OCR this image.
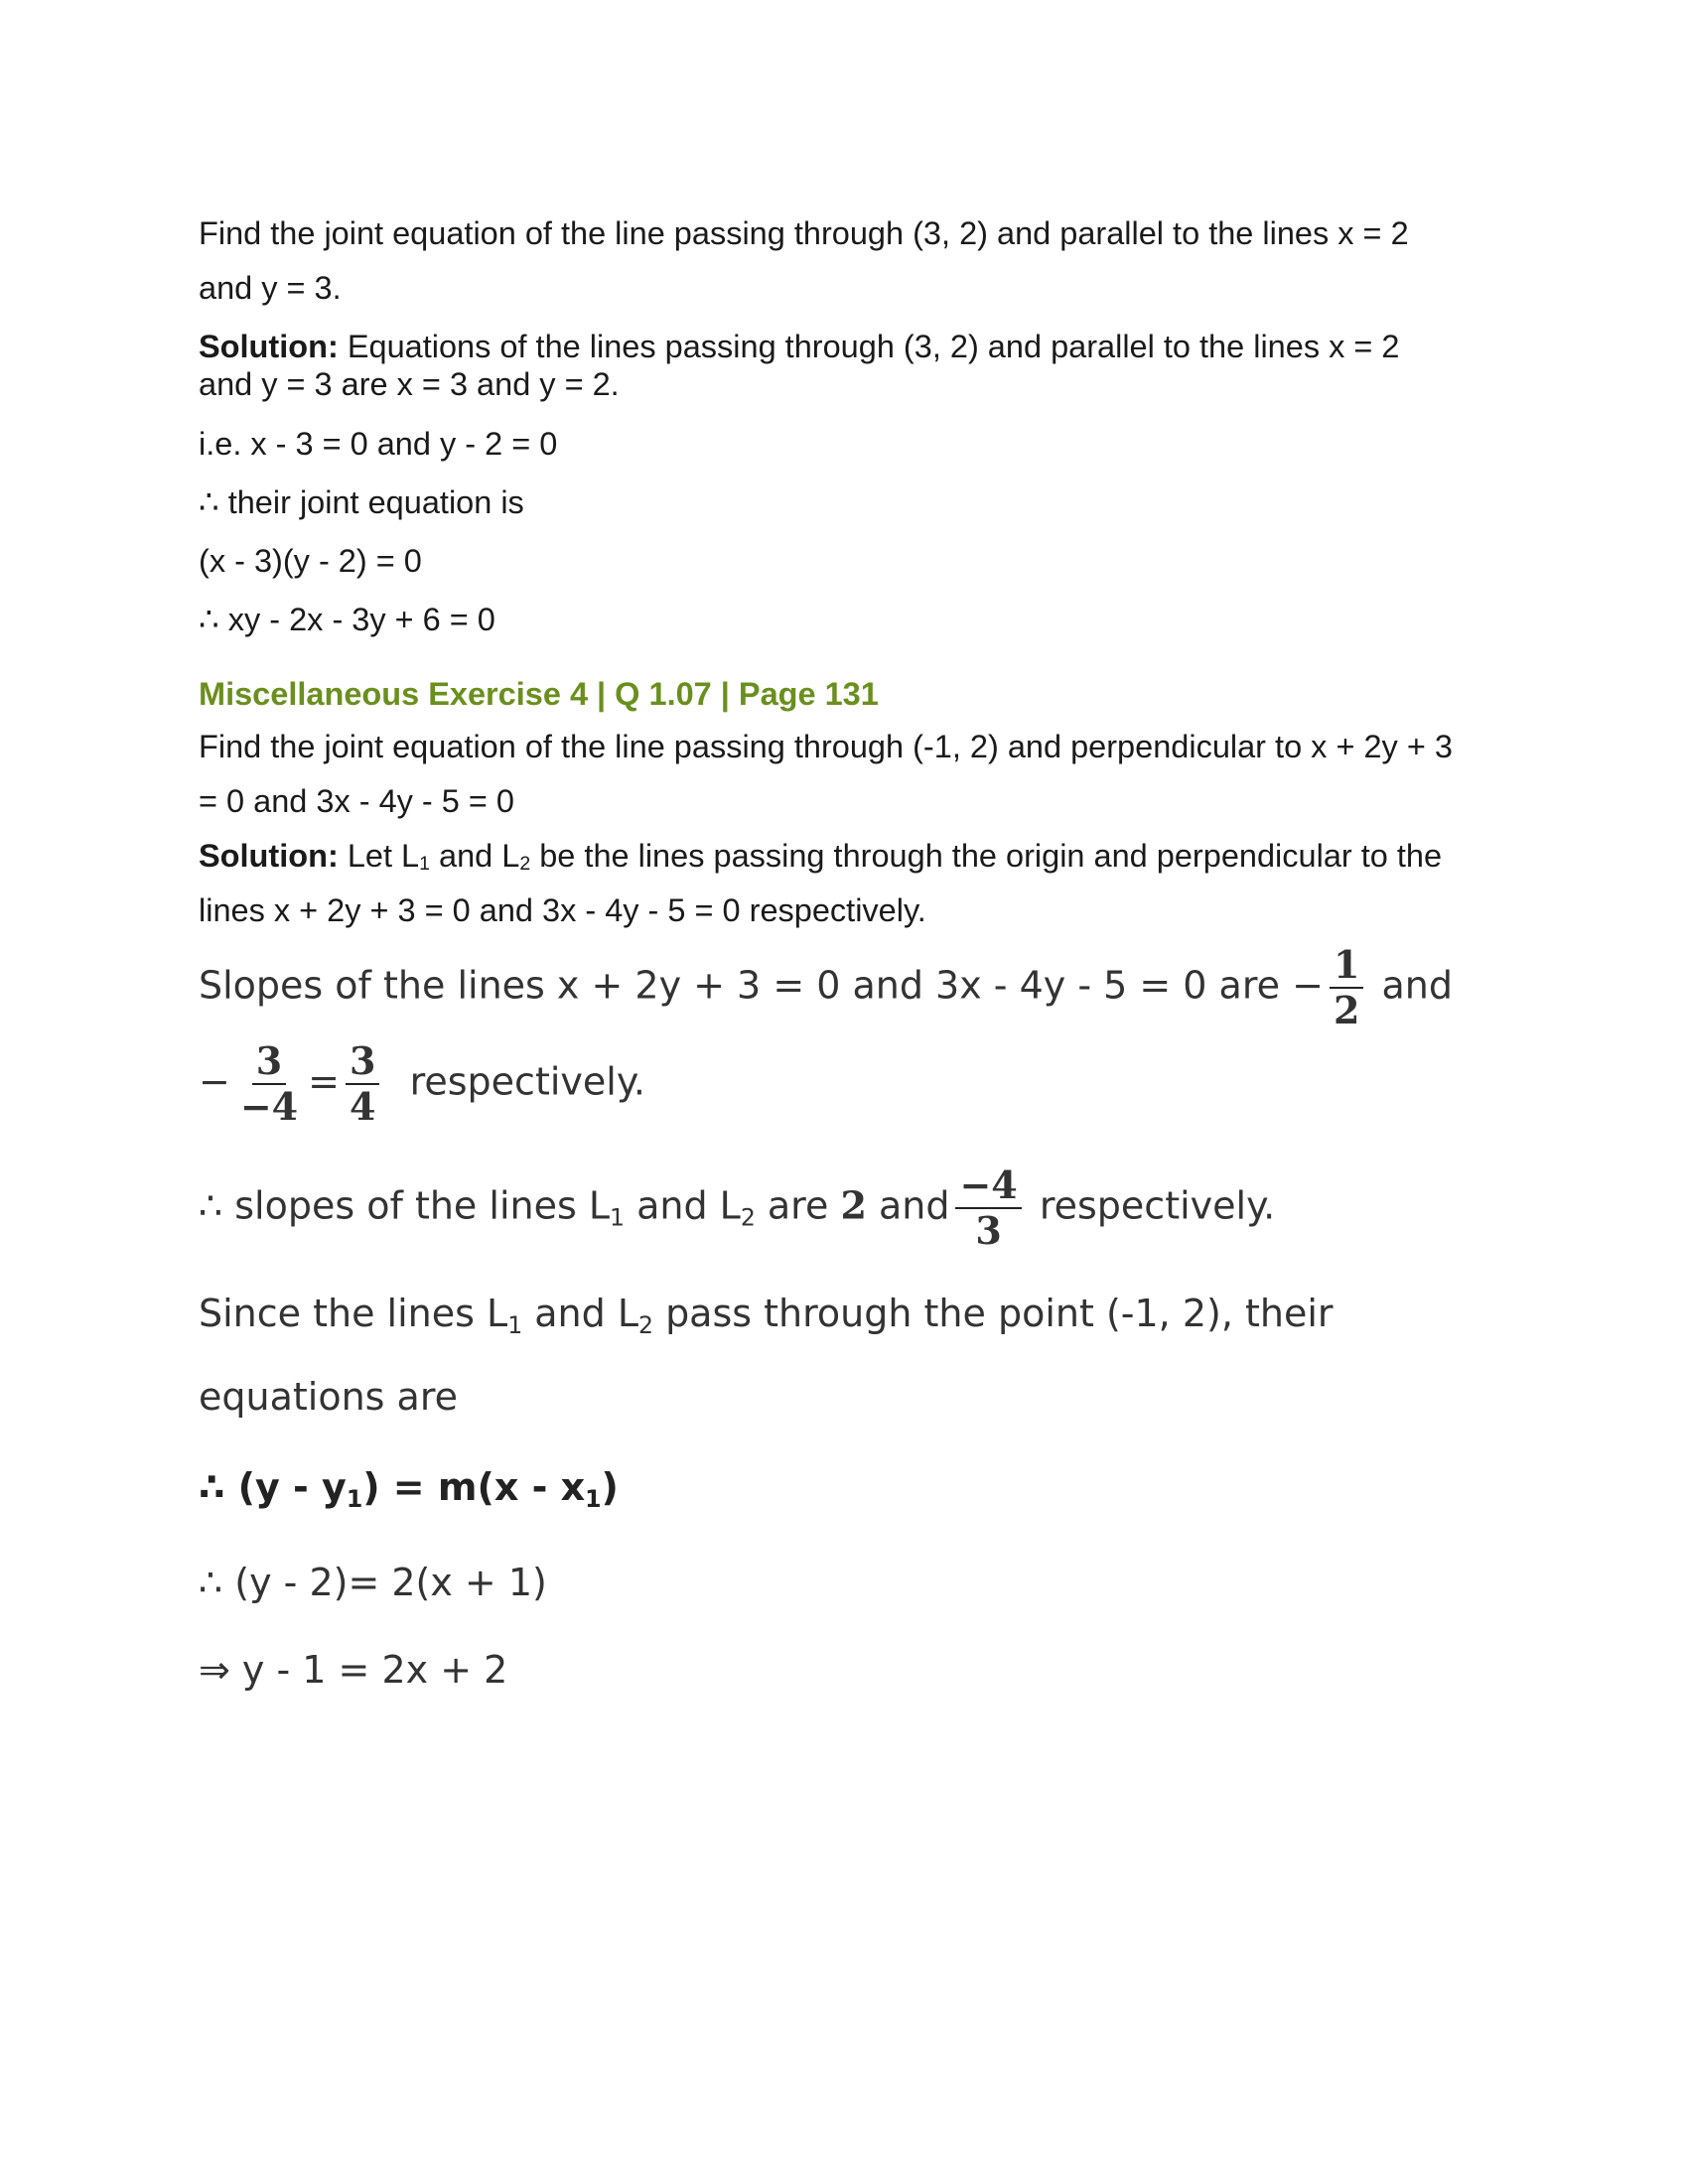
Find the joint equation of the line passing through (3, 2) and parallel to the lines x = 2

and y = 3.

Solution: Equations of the lines passing through (3, 2) and parallel to the lines x = 2

and y = 3 are x = 3 and y = 2.

i.e. x - 3 = 0 and y - 2 = 0

∴ their joint equation is

(x - 3)(y - 2) = 0

∴ xy - 2x - 3y + 6 = 0

Miscellaneous Exercise 4 | Q 1.07 | Page 131

Find the joint equation of the line passing through (-1, 2) and perpendicular to x + 2y + 3

= 0 and 3x - 4y - 5 = 0

Solution: Let $L_1$ and $L_2$ be the lines passing through the origin and perpendicular to the

lines x + 2y + 3 = 0 and 3x - 4y - 5 = 0 respectively.

Slopes of the lines x + 2y + 3 = 0 and 3x - 4y - 5 = 0 are − $\frac{1}{2}$ and
− $\frac{3}{-4} = \frac{3}{4}$ respectively.
∴ slopes of the lines $L_1$ and $L_2$ are 2 and $\frac{-4}{3}$ respectively.
Since the lines $L_1$ and $L_2$ pass through the point (-1, 2), their
equations are
∴ $(y - y_1) = m(x - x_1)$
∴ (y - 2)= 2(x + 1)
⇒ y - 1 = 2x + 2
